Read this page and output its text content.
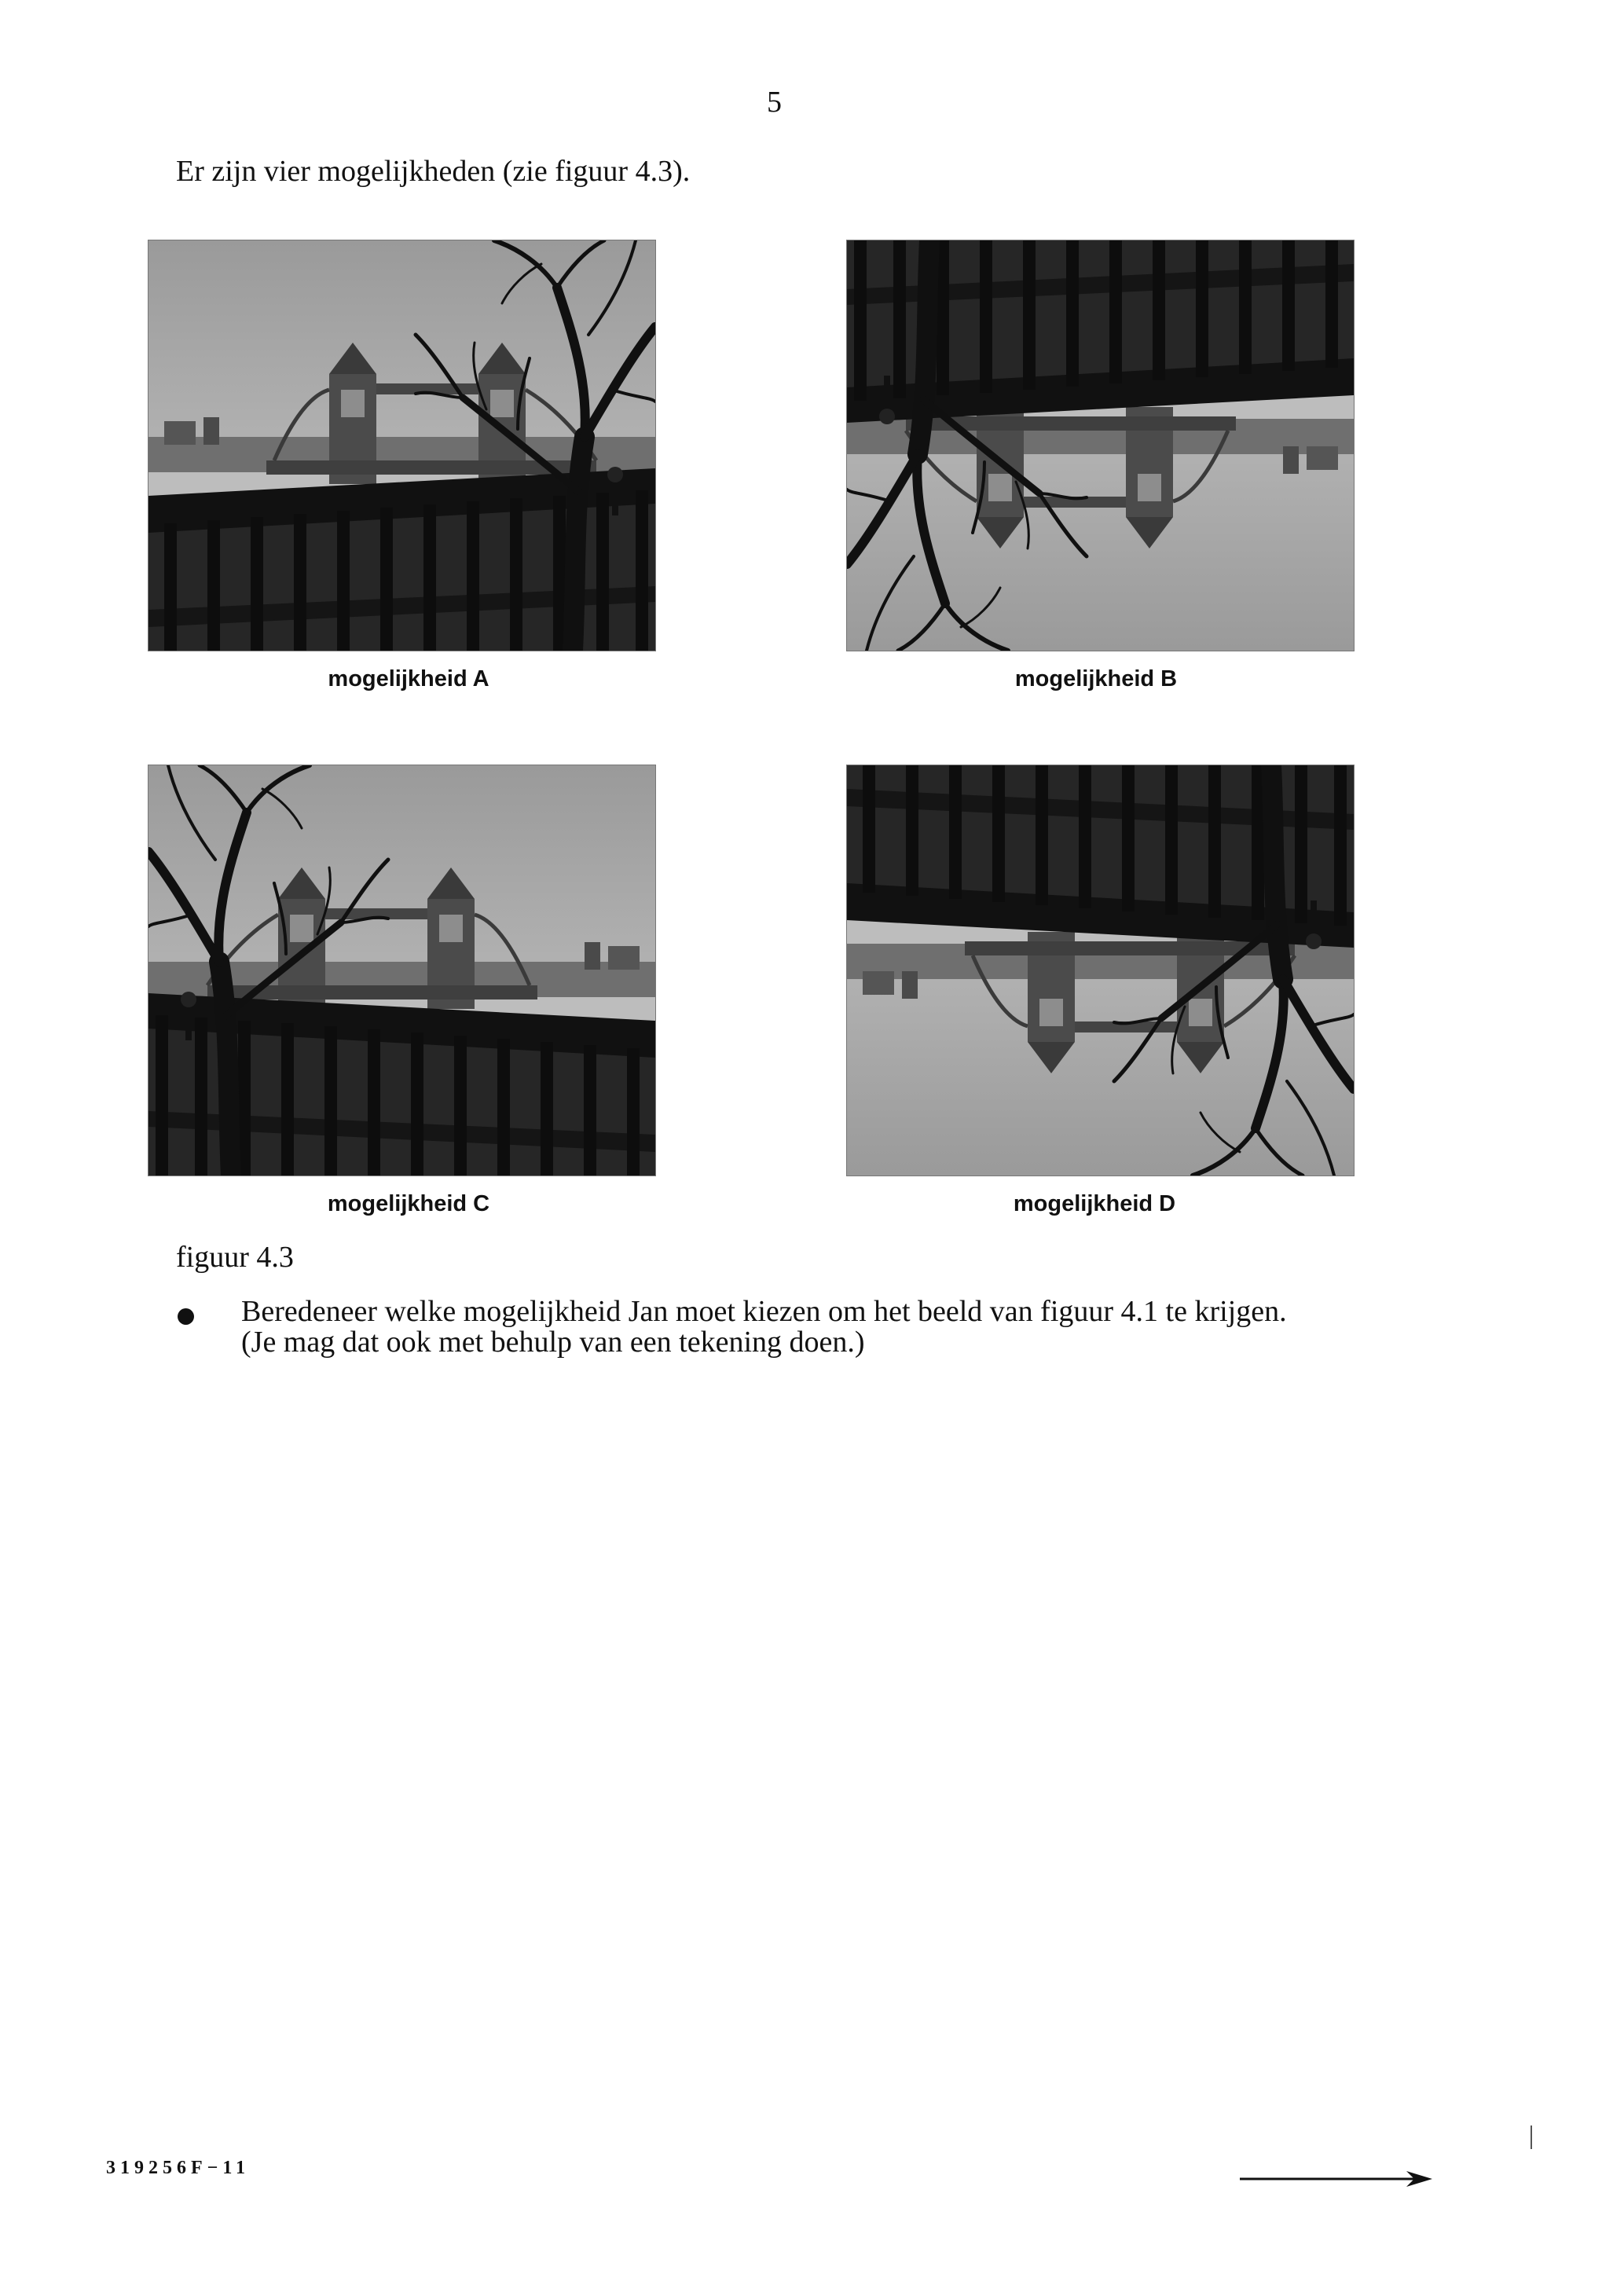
5
Er zijn vier mogelijkheden (zie figuur 4.3).
mogelijkheid A	mogelijkheid B
mogelijkheid C	mogelijkheid D
figuur 4.3
Beredeneer welke mogelijkheid Jan moet kiezen om het beeld van figuur 4.1 te krijgen.
(Je mag dat ook met behulp van een tekening doen.)
319256F−11
